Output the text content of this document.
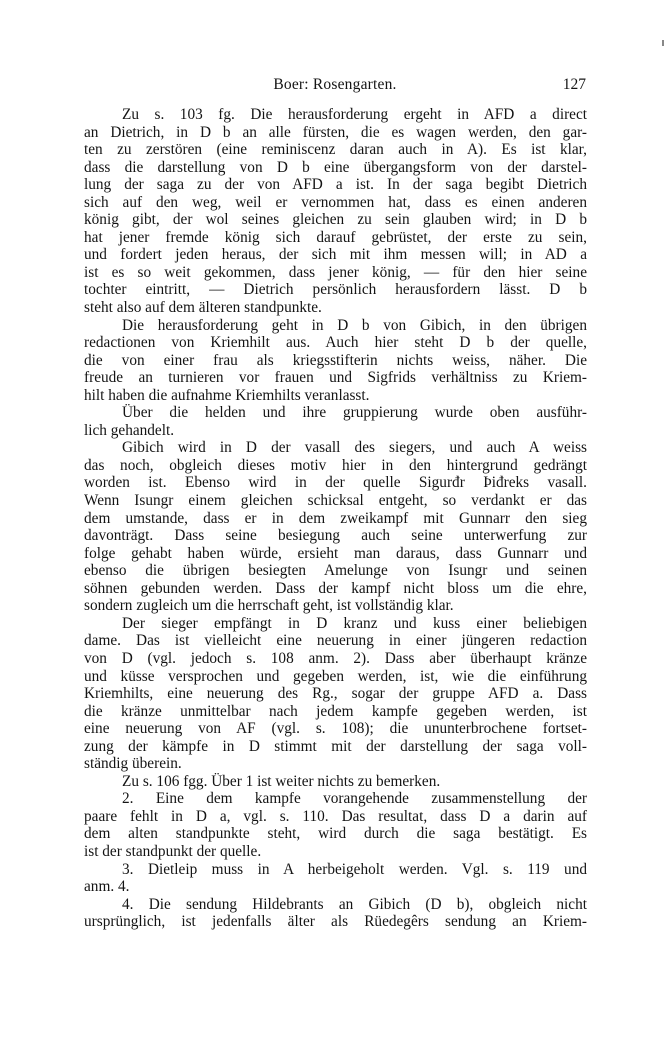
Boer: Rosengarten.	127
Zu s. 103 fg. Die herausforderung ergeht in AFD a direct
an Dietrich, in D b an alle fürsten, die es wagen werden, den gar-
ten zu zerstören (eine reminiscenz daran auch in A). Es ist klar,
dass die darstellung von D b eine übergangsform von der darstel-
lung der saga zu der von AFD a ist. In der saga begibt Dietrich
sich auf den weg, weil er vernommen hat, dass es einen anderen
könig gibt, der wol seines gleichen zu sein glauben wird; in D b
hat jener fremde könig sich darauf gebrüstet, der erste zu sein,
und fordert jeden heraus, der sich mit ihm messen will; in AD a
ist es so weit gekommen, dass jener könig, — für den hier seine
tochter eintritt, — Dietrich persönlich herausfordern lässt. D b
steht also auf dem älteren standpunkte.
Die herausforderung geht in D b von Gibich, in den übrigen
redactionen von Kriemhilt aus. Auch hier steht D b der quelle,
die von einer frau als kriegsstifterin nichts weiss, näher. Die
freude an turnieren vor frauen und Sigfrids verhältniss zu Kriem-
hilt haben die aufnahme Kriemhilts veranlasst.
Über die helden und ihre gruppierung wurde oben ausführ-
lich gehandelt.
Gibich wird in D der vasall des siegers, und auch A weiss
das noch, obgleich dieses motiv hier in den hintergrund gedrängt
worden ist. Ebenso wird in der quelle Sigurđr Þiđreks vasall.
Wenn Isungr einem gleichen schicksal entgeht, so verdankt er das
dem umstande, dass er in dem zweikampf mit Gunnarr den sieg
davonträgt. Dass seine besiegung auch seine unterwerfung zur
folge gehabt haben würde, ersieht man daraus, dass Gunnarr und
ebenso die übrigen besiegten Amelunge von Isungr und seinen
söhnen gebunden werden. Dass der kampf nicht bloss um die ehre,
sondern zugleich um die herrschaft geht, ist vollständig klar.
Der sieger empfängt in D kranz und kuss einer beliebigen
dame. Das ist vielleicht eine neuerung in einer jüngeren redaction
von D (vgl. jedoch s. 108 anm. 2). Dass aber überhaupt kränze
und küsse versprochen und gegeben werden, ist, wie die einführung
Kriemhilts, eine neuerung des Rg., sogar der gruppe AFD a. Dass
die kränze unmittelbar nach jedem kampfe gegeben werden, ist
eine neuerung von AF (vgl. s. 108); die ununterbrochene fortset-
zung der kämpfe in D stimmt mit der darstellung der saga voll-
ständig überein.
Zu s. 106 fgg. Über 1 ist weiter nichts zu bemerken.
2. Eine dem kampfe vorangehende zusammenstellung der
paare fehlt in D a, vgl. s. 110. Das resultat, dass D a darin auf
dem alten standpunkte steht, wird durch die saga bestätigt. Es
ist der standpunkt der quelle.
3. Dietleip muss in A herbeigeholt werden. Vgl. s. 119 und
anm. 4.
4. Die sendung Hildebrants an Gibich (D b), obgleich nicht
ursprünglich, ist jedenfalls älter als Rüedegêrs sendung an Kriem-
